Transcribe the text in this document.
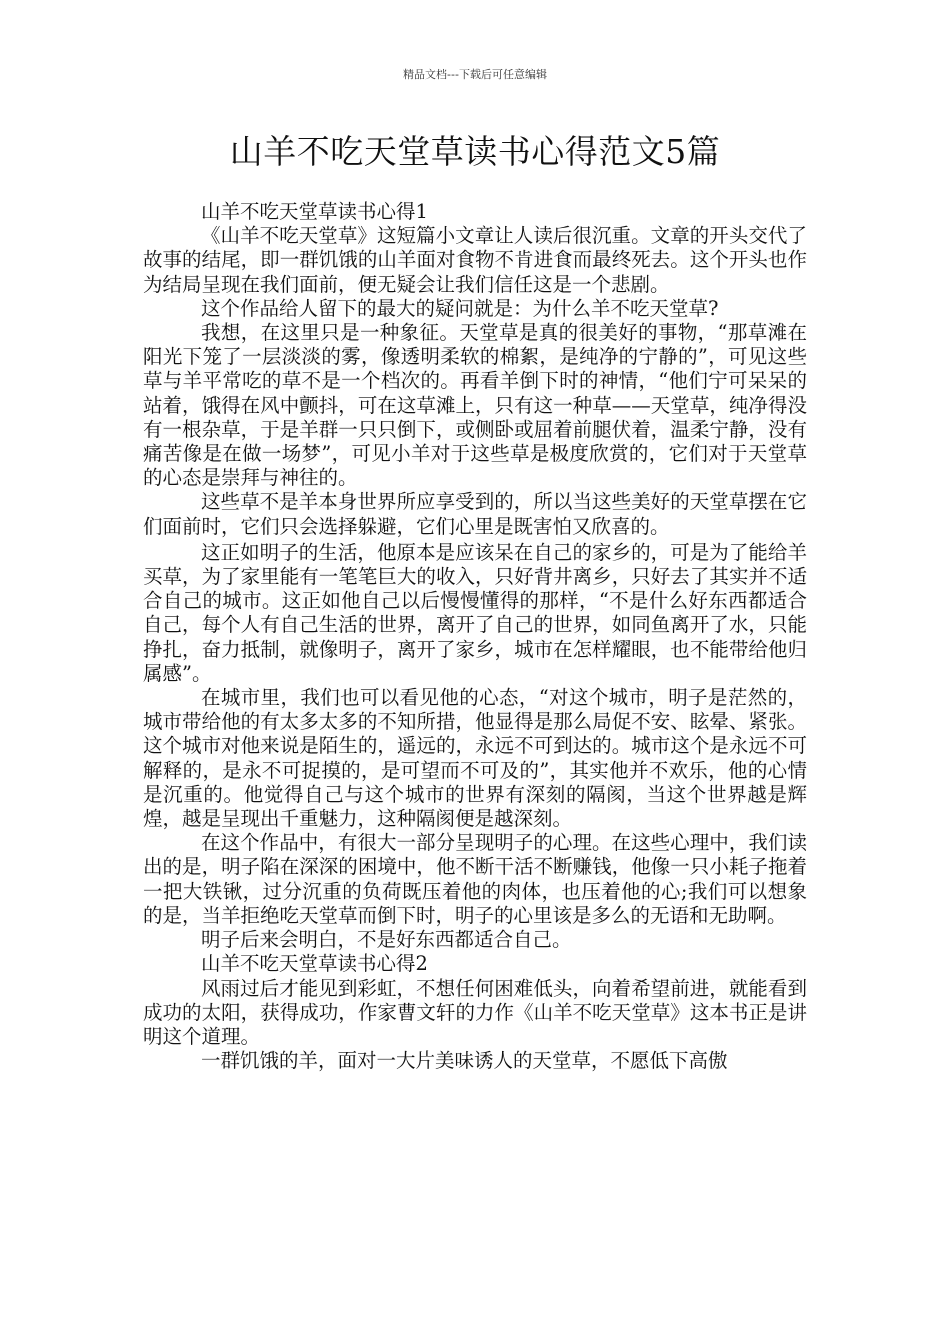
精品文档---下载后可任意编辑
山羊不吃天堂草读书心得范文5篇

山羊不吃天堂草读书心得1

《山羊不吃天堂草》这短篇小文章让人读后很沉重。文章的开头交代了故事的结尾，即一群饥饿的山羊面对食物不肯进食而最终死去。这个开头也作为结局呈现在我们面前，便无疑会让我们信任这是一个悲剧。

这个作品给人留下的最大的疑问就是：为什么羊不吃天堂草?

我想，在这里只是一种象征。天堂草是真的很美好的事物，“那草滩在阳光下笼了一层淡淡的雾，像透明柔软的棉絮，是纯净的宁静的”，可见这些草与羊平常吃的草不是一个档次的。再看羊倒下时的神情，“他们宁可呆呆的站着，饿得在风中颤抖，可在这草滩上，只有这一种草——天堂草，纯净得没有一根杂草，于是羊群一只只倒下，或侧卧或屈着前腿伏着，温柔宁静，没有痛苦像是在做一场梦”，可见小羊对于这些草是极度欣赏的，它们对于天堂草的心态是崇拜与神往的。

这些草不是羊本身世界所应享受到的，所以当这些美好的天堂草摆在它们面前时，它们只会选择躲避，它们心里是既害怕又欣喜的。

这正如明子的生活，他原本是应该呆在自己的家乡的，可是为了能给羊买草，为了家里能有一笔笔巨大的收入，只好背井离乡，只好去了其实并不适合自己的城市。这正如他自己以后慢慢懂得的那样，“不是什么好东西都适合自己，每个人有自己生活的世界，离开了自己的世界，如同鱼离开了水，只能挣扎，奋力抵制，就像明子，离开了家乡，城市在怎样耀眼，也不能带给他归属感”。

在城市里，我们也可以看见他的心态，“对这个城市，明子是茫然的，城市带给他的有太多太多的不知所措，他显得是那么局促不安、眩晕、紧张。这个城市对他来说是陌生的，遥远的，永远不可到达的。城市这个是永远不可解释的，是永不可捉摸的，是可望而不可及的”，其实他并不欢乐，他的心情是沉重的。他觉得自己与这个城市的世界有深刻的隔阂，当这个世界越是辉煌，越是呈现出千重魅力，这种隔阂便是越深刻。

在这个作品中，有很大一部分呈现明子的心理。在这些心理中，我们读出的是，明子陷在深深的困境中，他不断干活不断赚钱，他像一只小耗子拖着一把大铁锹，过分沉重的负荷既压着他的肉体，也压着他的心;我们可以想象的是，当羊拒绝吃天堂草而倒下时，明子的心里该是多么的无语和无助啊。

明子后来会明白，不是好东西都适合自己。

山羊不吃天堂草读书心得2

风雨过后才能见到彩虹，不想任何困难低头，向着希望前进，就能看到成功的太阳，获得成功，作家曹文轩的力作《山羊不吃天堂草》这本书正是讲明这个道理。

一群饥饿的羊，面对一大片美味诱人的天堂草，不愿低下高傲
